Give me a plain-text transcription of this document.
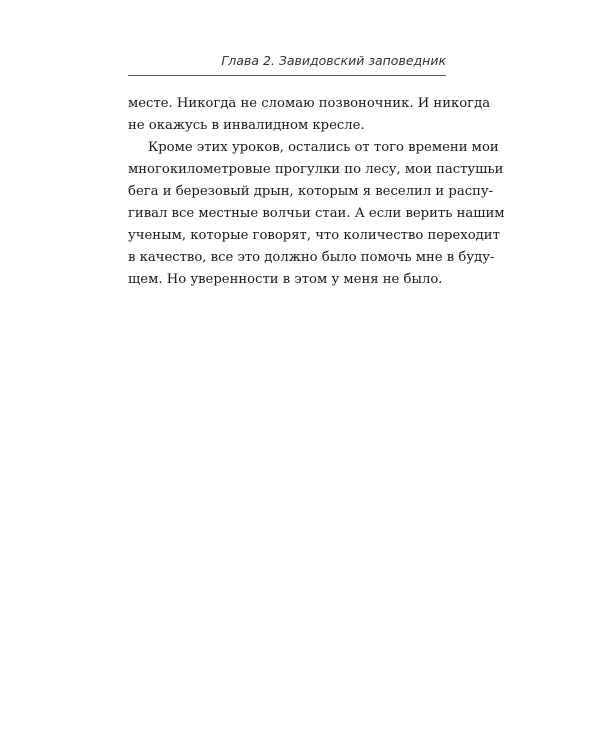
Глава 2. Завидовский заповедник
месте. Никогда не сломаю позвоночник. И никогда
не окажусь в инвалидном кресле.
Кроме этих уроков, остались от того времени мои
многокилометровые прогулки по лесу, мои пастушьи
бега и березовый дрын, которым я веселил и распу-
гивал все местные волчьи стаи. А если верить нашим
ученым, которые говорят, что количество переходит
в качество, все это должно было помочь мне в буду-
щем. Но уверенности в этом у меня не было.
